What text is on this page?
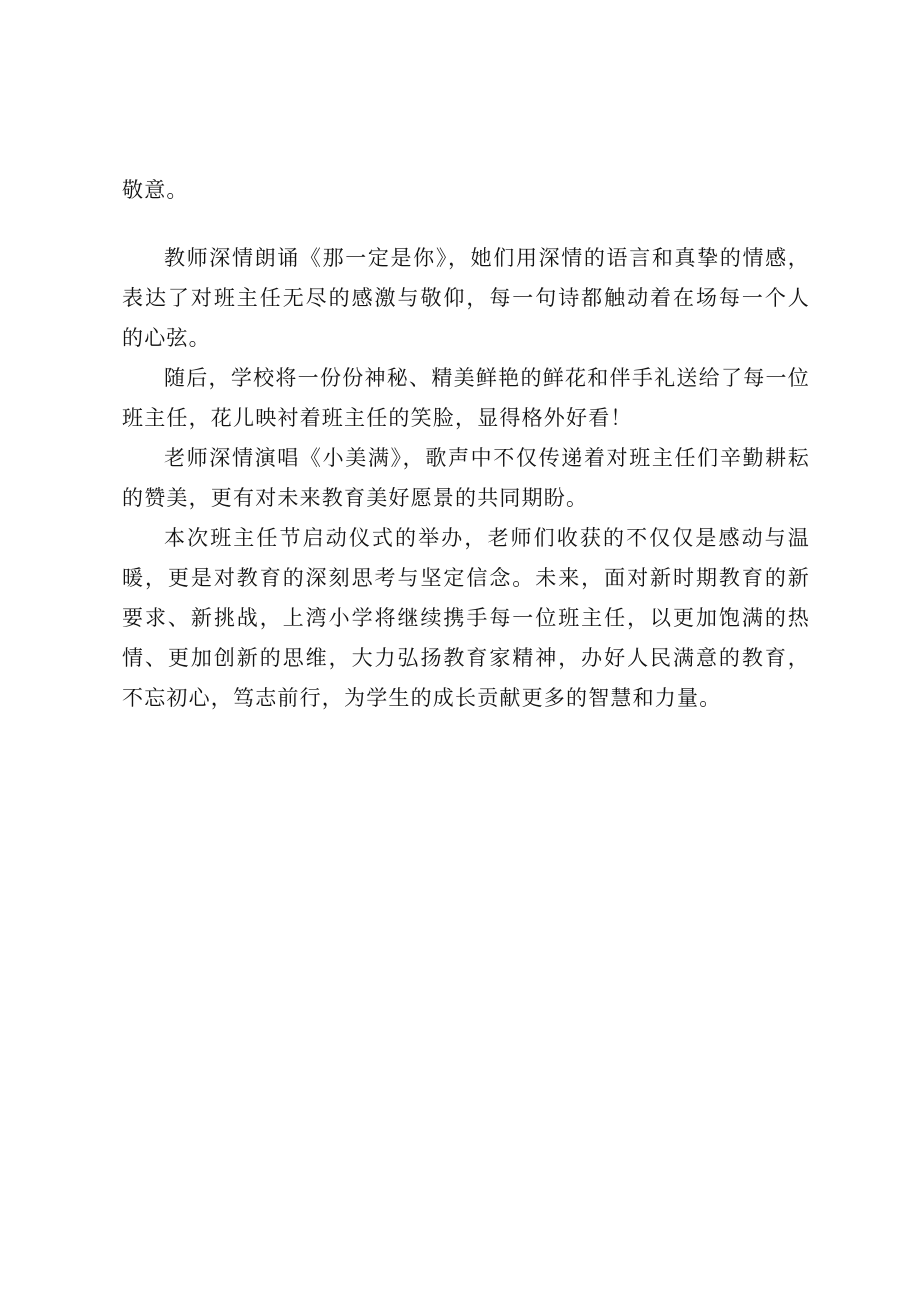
敬意。

教师深情朗诵《那一定是你》，她们用深情的语言和真挚的情感，表达了对班主任无尽的感激与敬仰，每一句诗都触动着在场每一个人的心弦。

随后，学校将一份份神秘、精美鲜艳的鲜花和伴手礼送给了每一位班主任，花儿映衬着班主任的笑脸，显得格外好看！

老师深情演唱《小美满》，歌声中不仅传递着对班主任们辛勤耕耘的赞美，更有对未来教育美好愿景的共同期盼。

本次班主任节启动仪式的举办，老师们收获的不仅仅是感动与温暖，更是对教育的深刻思考与坚定信念。未来，面对新时期教育的新要求、新挑战，上湾小学将继续携手每一位班主任，以更加饱满的热情、更加创新的思维，大力弘扬教育家精神，办好人民满意的教育，不忘初心，笃志前行，为学生的成长贡献更多的智慧和力量。
